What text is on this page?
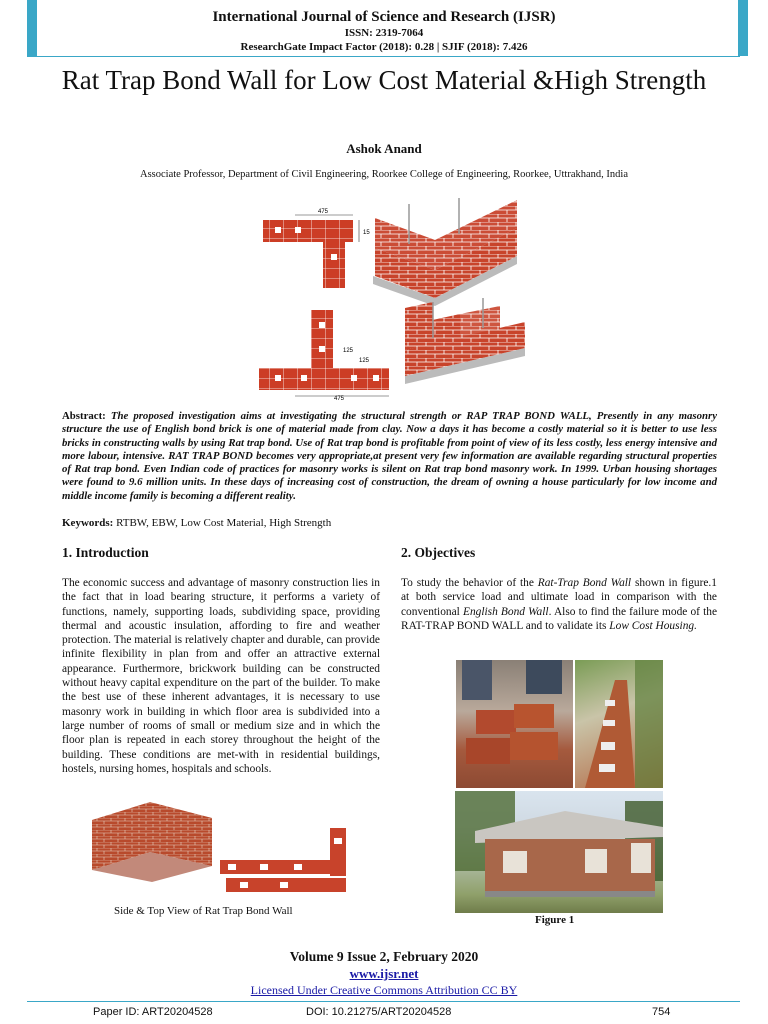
International Journal of Science and Research (IJSR)
ISSN: 2319-7064
ResearchGate Impact Factor (2018): 0.28 | SJIF (2018): 7.426
Rat Trap Bond Wall for Low Cost Material &High Strength
Ashok Anand
Associate Professor, Department of Civil Engineering, Roorkee College of Engineering, Roorkee, Uttrakhand, India
475
15
125
125
475
Abstract: The proposed investigation aims at investigating the structural strength or RAP TRAP BOND WALL, Presently in any masonry structure the use of English bond brick is one of material made from clay. Now a days it has become a costly material so it is better to use less bricks in constructing walls by using Rat trap bond. Use of Rat trap bond is profitable from point of view of its less costly, less energy intensive and more labour, intensive. RAT TRAP BOND becomes very appropriate,at present very few information are available regarding structural properties of Rat trap bond. Even Indian code of practices for masonry works is silent on Rat trap bond masonry work. In 1999. Urban housing shortages were found to 9.6 million units. In these days of increasing cost of construction, the dream of owning a house particularly for low income and middle income family is becoming a different reality.
Keywords: RTBW, EBW, Low Cost Material, High Strength
1. Introduction
The economic success and advantage of masonry construction lies in the fact that in load bearing structure, it performs a variety of functions, namely, supporting loads, subdividing space, providing thermal and acoustic insulation, affording to fire and weather protection. The material is relatively chapter and durable, can provide infinite flexibility in plan from and offer an attractive external appearance. Furthermore, brickwork building can be constructed without heavy capital expenditure on the part of the builder. To make the best use of these inherent advantages, it is necessary to use masonry work in building in which floor area is subdivided into a large number of rooms of small or medium size and in which the floor plan is repeated in each storey throughout the height of the building. These conditions are met-with in residential buildings, hostels, nursing homes, hospitals and schools.
Side & Top View of Rat Trap Bond Wall
2. Objectives
To study the behavior of the Rat-Trap Bond Wall shown in figure.1 at both service load and ultimate load in comparison with the conventional English Bond Wall. Also to find the failure mode of the RAT-TRAP BOND WALL and to validate its Low Cost Housing.
Figure 1
Volume 9 Issue 2, February 2020
www.ijsr.net
Licensed Under Creative Commons Attribution CC BY
Paper ID: ART20204528	DOI: 10.21275/ART20204528	754
